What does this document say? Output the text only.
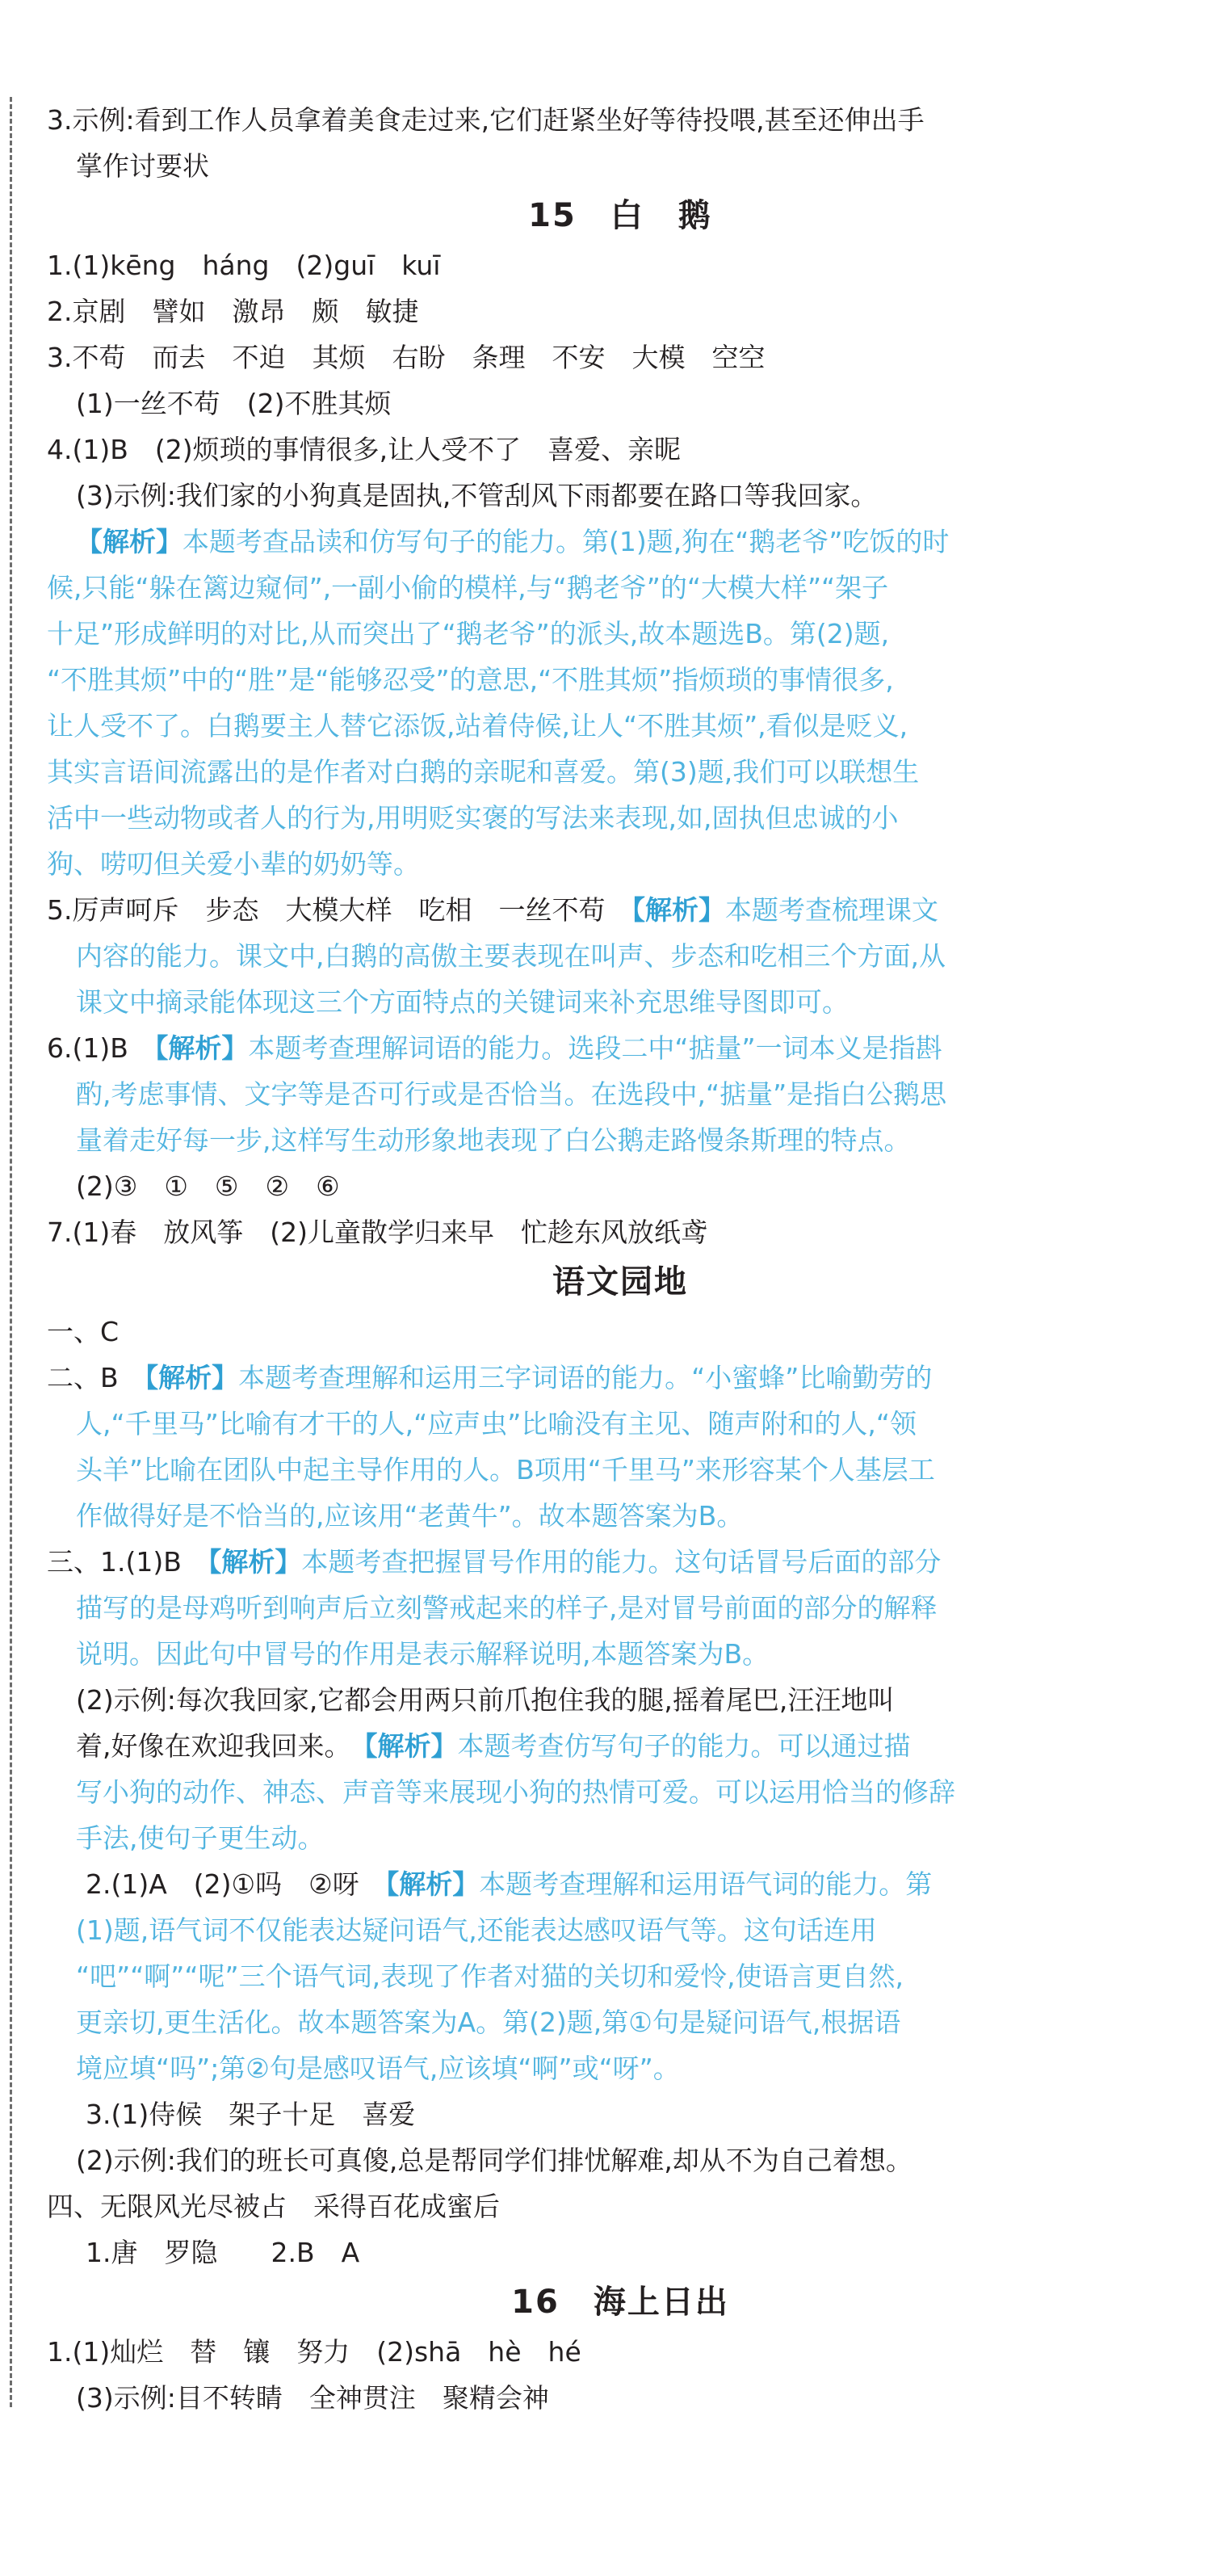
3.示例:看到工作人员拿着美食走过来,它们赶紧坐好等待投喂,甚至还伸出手
掌作讨要状
15　白　鹅
1.(1)kēng　háng　(2)guī　kuī
2.京剧　譬如　激昂　颇　敏捷
3.不苟　而去　不迫　其烦　右盼　条理　不安　大模　空空
(1)一丝不苟　(2)不胜其烦
4.(1)B　(2)烦琐的事情很多,让人受不了　喜爱、亲昵
(3)示例:我们家的小狗真是固执,不管刮风下雨都要在路口等我回家。
【解析】本题考查品读和仿写句子的能力。第(1)题,狗在“鹅老爷”吃饭的时
候,只能“躲在篱边窥伺”,一副小偷的模样,与“鹅老爷”的“大模大样”“架子
十足”形成鲜明的对比,从而突出了“鹅老爷”的派头,故本题选B。第(2)题,
“不胜其烦”中的“胜”是“能够忍受”的意思,“不胜其烦”指烦琐的事情很多,
让人受不了。白鹅要主人替它添饭,站着侍候,让人“不胜其烦”,看似是贬义,
其实言语间流露出的是作者对白鹅的亲昵和喜爱。第(3)题,我们可以联想生
活中一些动物或者人的行为,用明贬实褒的写法来表现,如,固执但忠诚的小
狗、唠叨但关爱小辈的奶奶等。
5.厉声呵斥　步态　大模大样　吃相　一丝不苟　【解析】本题考查梳理课文
内容的能力。课文中,白鹅的高傲主要表现在叫声、步态和吃相三个方面,从
课文中摘录能体现这三个方面特点的关键词来补充思维导图即可。
6.(1)B　【解析】本题考查理解词语的能力。选段二中“掂量”一词本义是指斟
酌,考虑事情、文字等是否可行或是否恰当。在选段中,“掂量”是指白公鹅思
量着走好每一步,这样写生动形象地表现了白公鹅走路慢条斯理的特点。
(2)③　①　⑤　②　⑥
7.(1)春　放风筝　(2)儿童散学归来早　忙趁东风放纸鸢
语文园地
一、C
二、B　【解析】本题考查理解和运用三字词语的能力。“小蜜蜂”比喻勤劳的
人,“千里马”比喻有才干的人,“应声虫”比喻没有主见、随声附和的人,“领
头羊”比喻在团队中起主导作用的人。B项用“千里马”来形容某个人基层工
作做得好是不恰当的,应该用“老黄牛”。故本题答案为B。
三、1.(1)B　【解析】本题考查把握冒号作用的能力。这句话冒号后面的部分
描写的是母鸡听到响声后立刻警戒起来的样子,是对冒号前面的部分的解释
说明。因此句中冒号的作用是表示解释说明,本题答案为B。
(2)示例:每次我回家,它都会用两只前爪抱住我的腿,摇着尾巴,汪汪地叫
着,好像在欢迎我回来。　【解析】本题考查仿写句子的能力。可以通过描
写小狗的动作、神态、声音等来展现小狗的热情可爱。可以运用恰当的修辞
手法,使句子更生动。
2.(1)A　(2)①吗　②呀　【解析】本题考查理解和运用语气词的能力。第
(1)题,语气词不仅能表达疑问语气,还能表达感叹语气等。这句话连用
“吧”“啊”“呢”三个语气词,表现了作者对猫的关切和爱怜,使语言更自然,
更亲切,更生活化。故本题答案为A。第(2)题,第①句是疑问语气,根据语
境应填“吗”;第②句是感叹语气,应该填“啊”或“呀”。
3.(1)侍候　架子十足　喜爱
(2)示例:我们的班长可真傻,总是帮同学们排忧解难,却从不为自己着想。
四、无限风光尽被占　采得百花成蜜后
1.唐　罗隐　　2.B　A
16　海上日出
1.(1)灿烂　替　镶　努力　(2)shā　hè　hé
(3)示例:目不转睛　全神贯注　聚精会神
